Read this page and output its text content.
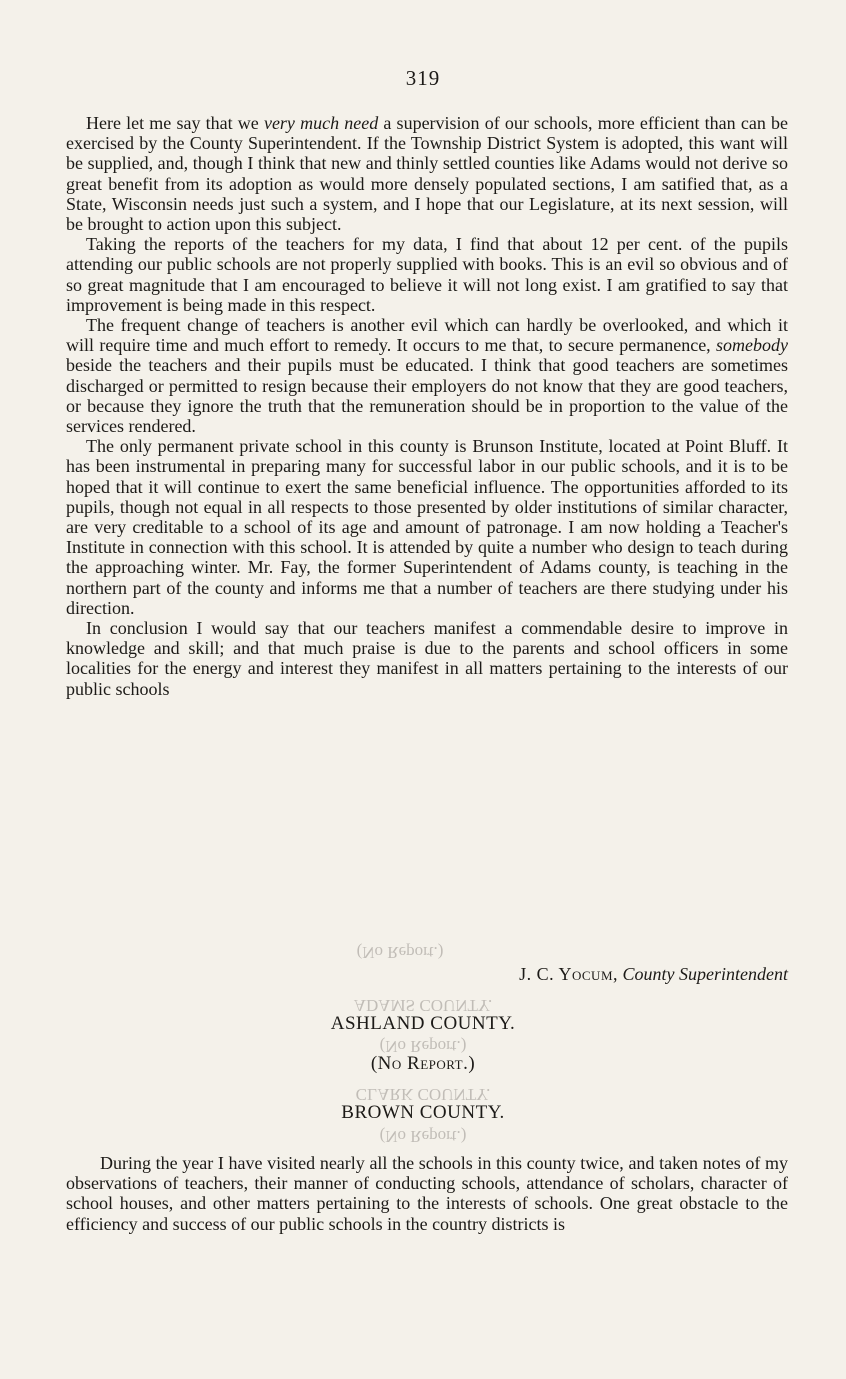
319

Here let me say that we very much need a supervision of our schools, more efficient than can be exercised by the County Superintendent. If the Township District System is adopted, this want will be supplied, and, though I think that new and thinly settled counties like Adams would not derive so great benefit from its adoption as would more densely populated sections, I am satified that, as a State, Wisconsin needs just such a system, and I hope that our Legislature, at its next session, will be brought to action upon this subject.

Taking the reports of the teachers for my data, I find that about 12 per cent. of the pupils attending our public schools are not properly supplied with books. This is an evil so obvious and of so great magnitude that I am encouraged to believe it will not long exist. I am gratified to say that improvement is being made in this respect.

The frequent change of teachers is another evil which can hardly be overlooked, and which it will require time and much effort to remedy. It occurs to me that, to secure permanence, somebody beside the teachers and their pupils must be educated. I think that good teachers are sometimes discharged or permitted to resign because their employers do not know that they are good teachers, or because they ignore the truth that the remuneration should be in proportion to the value of the services rendered.

The only permanent private school in this county is Brunson Institute, located at Point Bluff. It has been instrumental in preparing many for successful labor in our public schools, and it is to be hoped that it will continue to exert the same beneficial influence. The opportunities afforded to its pupils, though not equal in all respects to those presented by older institutions of similar character, are very creditable to a school of its age and amount of patronage. I am now holding a Teacher's Institute in connection with this school. It is attended by quite a number who design to teach during the approaching winter. Mr. Fay, the former Superintendent of Adams county, is teaching in the northern part of the county and informs me that a number of teachers are there studying under his direction.

In conclusion I would say that our teachers manifest a commendable desire to improve in knowledge and skill; and that much praise is due to the parents and school officers in some localities for the energy and interest they manifest in all matters pertaining to the interests of our public schools

(No Report.)
J. C. Yocum, County Superintendent
ADAMS COUNTY.
ASHLAND COUNTY.
(No Report.)
(No Report.)
CLARK COUNTY.
BROWN COUNTY.
(No Report.)

During the year I have visited nearly all the schools in this county twice, and taken notes of my observations of teachers, their manner of conducting schools, attendance of scholars, character of school houses, and other matters pertaining to the interests of schools. One great obstacle to the efficiency and success of our public schools in the country districts is
